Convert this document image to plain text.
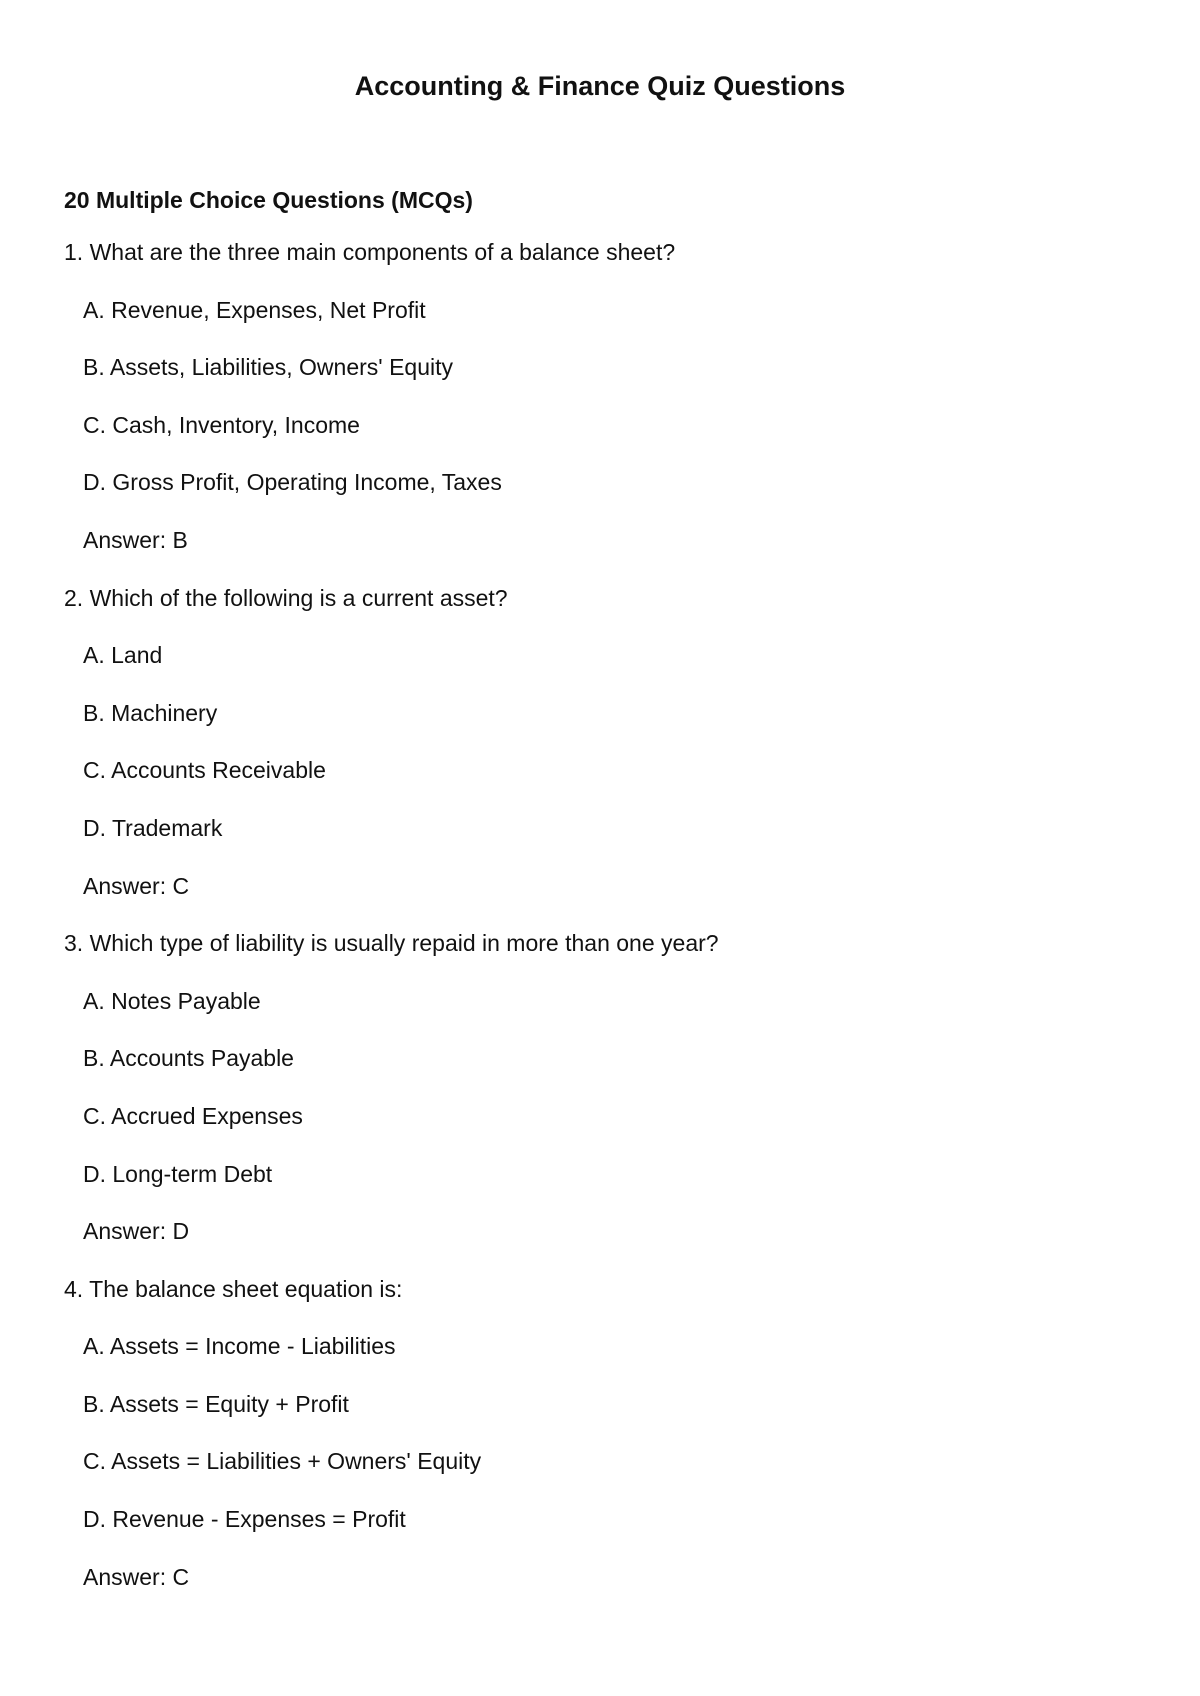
Accounting & Finance Quiz Questions
20 Multiple Choice Questions (MCQs)
1. What are the three main components of a balance sheet?
A. Revenue, Expenses, Net Profit
B. Assets, Liabilities, Owners' Equity
C. Cash, Inventory, Income
D. Gross Profit, Operating Income, Taxes
Answer: B
2. Which of the following is a current asset?
A. Land
B. Machinery
C. Accounts Receivable
D. Trademark
Answer: C
3. Which type of liability is usually repaid in more than one year?
A. Notes Payable
B. Accounts Payable
C. Accrued Expenses
D. Long-term Debt
Answer: D
4. The balance sheet equation is:
A. Assets = Income - Liabilities
B. Assets = Equity + Profit
C. Assets = Liabilities + Owners' Equity
D. Revenue - Expenses = Profit
Answer: C
